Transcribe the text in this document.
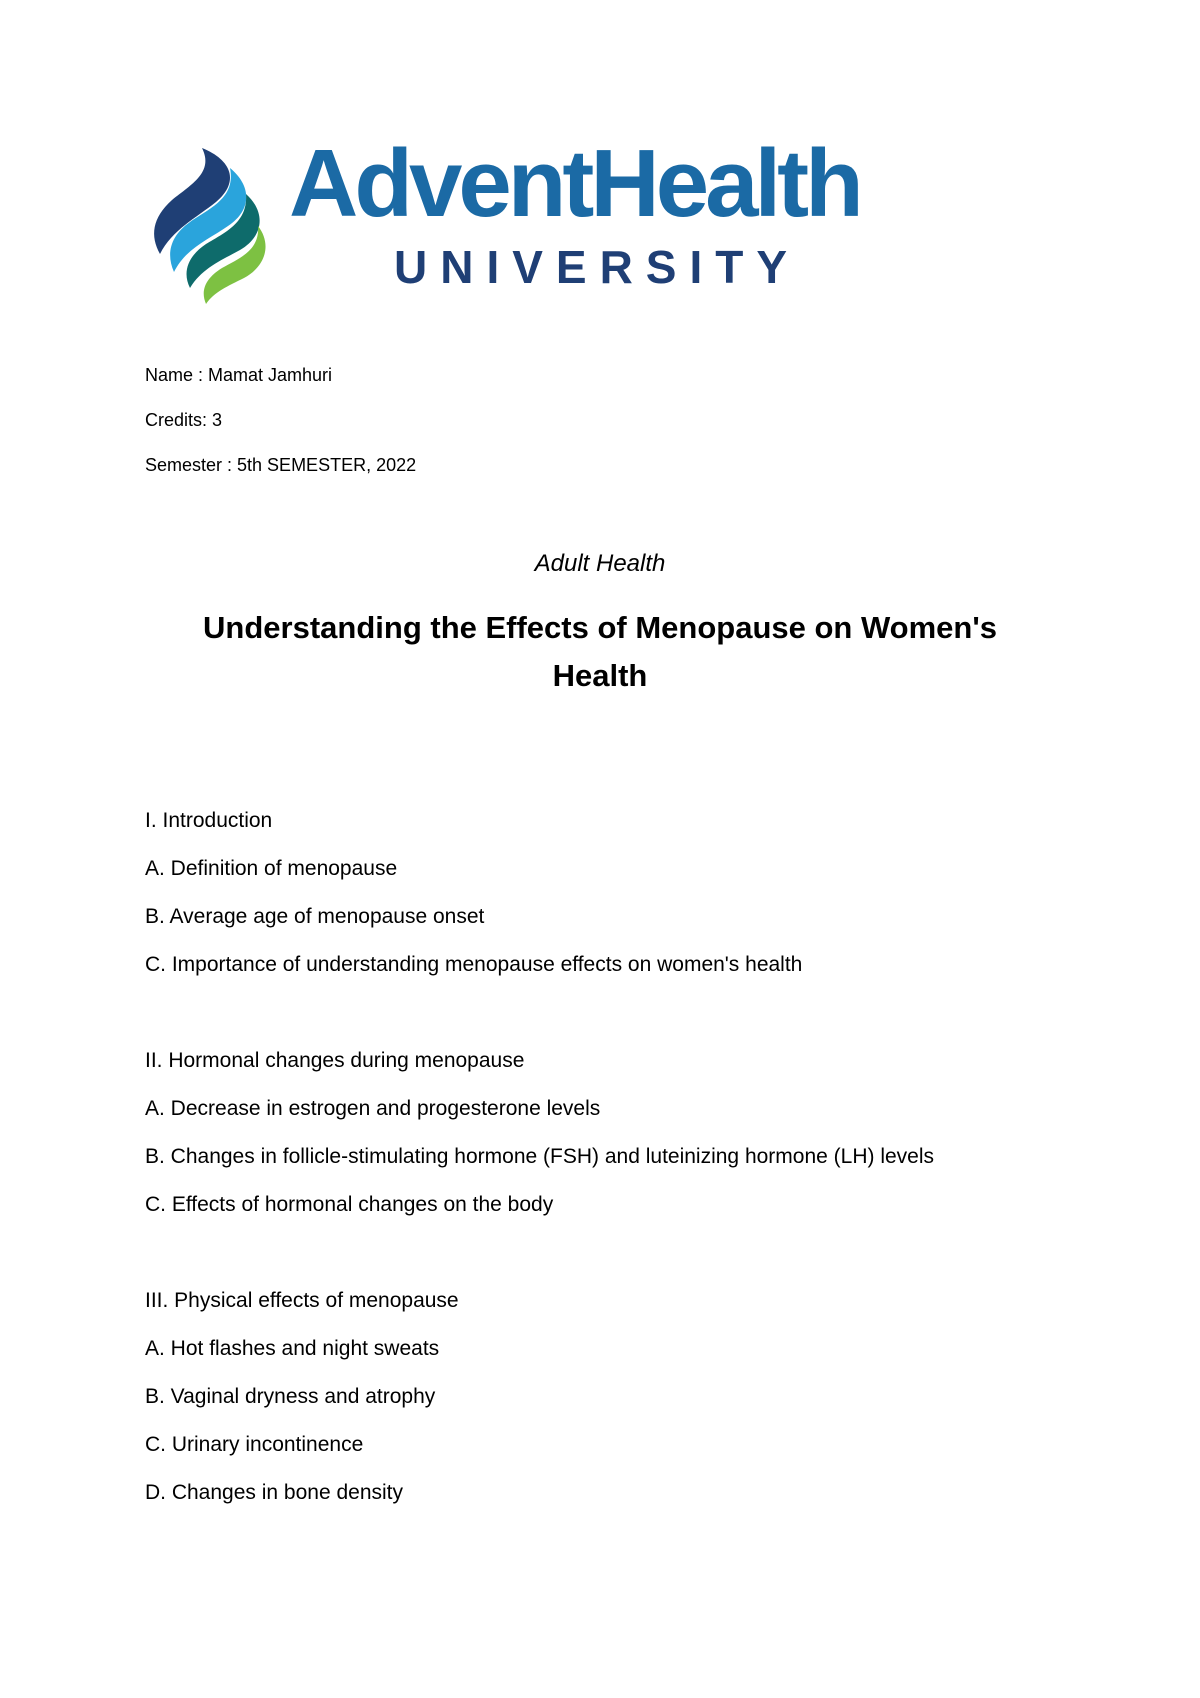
AdventHealth
UNIVERSITY
Name : Mamat Jamhuri
Credits: 3
Semester : 5th SEMESTER, 2022
Adult Health
Understanding the Effects of Menopause on Women's Health
I. Introduction
A. Definition of menopause
B. Average age of menopause onset
C. Importance of understanding menopause effects on women's health
II. Hormonal changes during menopause
A. Decrease in estrogen and progesterone levels
B. Changes in follicle-stimulating hormone (FSH) and luteinizing hormone (LH) levels
C. Effects of hormonal changes on the body
III. Physical effects of menopause
A. Hot flashes and night sweats
B. Vaginal dryness and atrophy
C. Urinary incontinence
D. Changes in bone density
